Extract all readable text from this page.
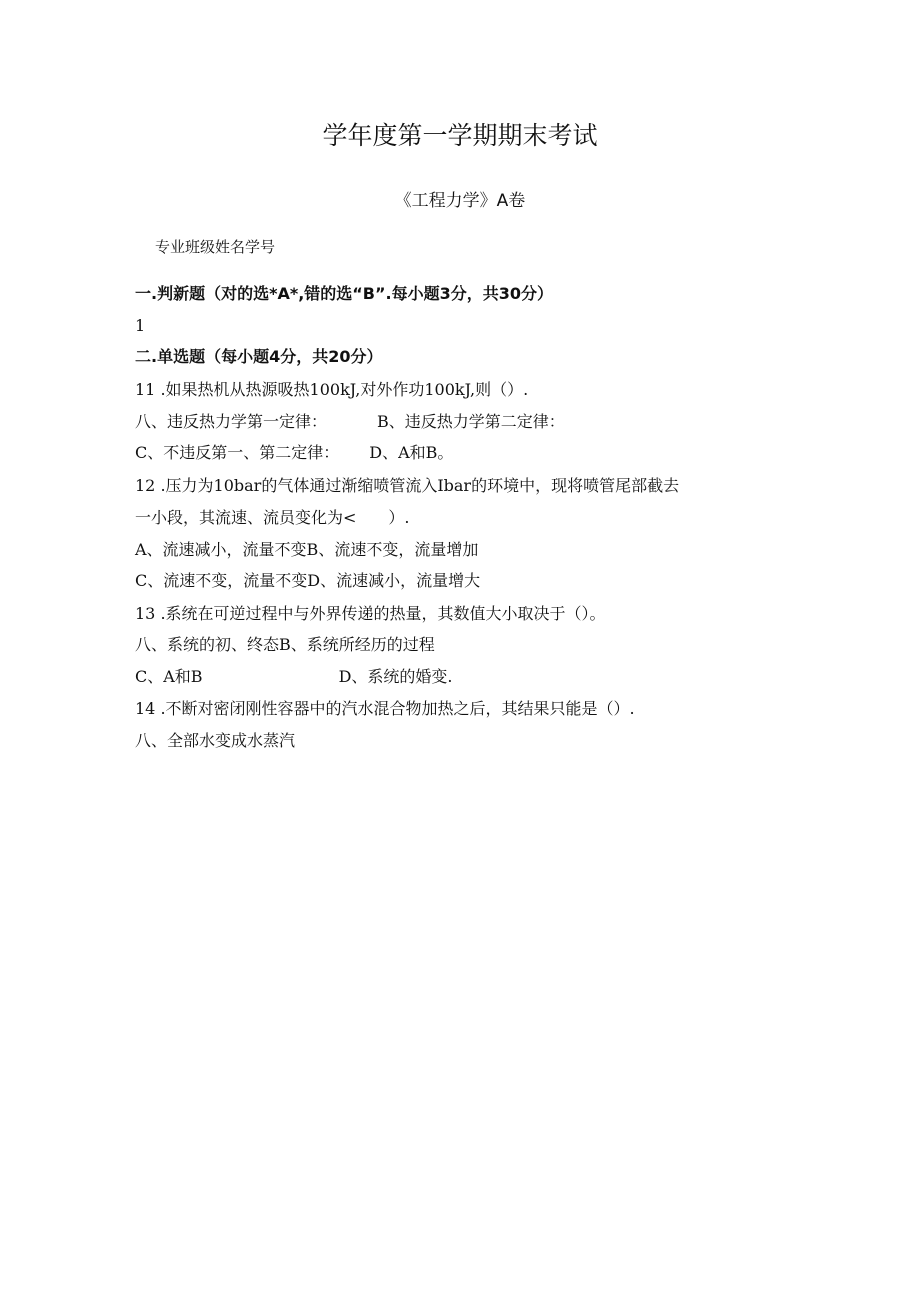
学年度第一学期期末考试
《工程力学》A卷
专业班级姓名学号
一.判新题（对的选*A*,错的选“B”.每小题3分，共30分）
1
二.单选题（每小题4分，共20分）
11 .如果热机从热源吸热100kJ,对外作功100kJ,则（）.
八、违反热力学第一定律：	B、违反热力学第二定律：
C、不违反第一、第二定律： D、A和B。
12 .压力为10bar的气体通过渐缩喷管流入Ibar的环境中，现将喷管尾部截去
一小段，其流速、流员变化为<　　）.
A、流速减小，流量不变B、流速不变，流量增加
C、流速不变，流量不变D、流速减小，流量增大
13 .系统在可逆过程中与外界传递的热量，其数值大小取决于（）。
八、系统的初、终态B、系统所经历的过程
C、A和B	D、系统的婚变.
14 .不断对密闭刚性容器中的汽水混合物加热之后，其结果只能是（）.
八、全部水变成水蒸汽
